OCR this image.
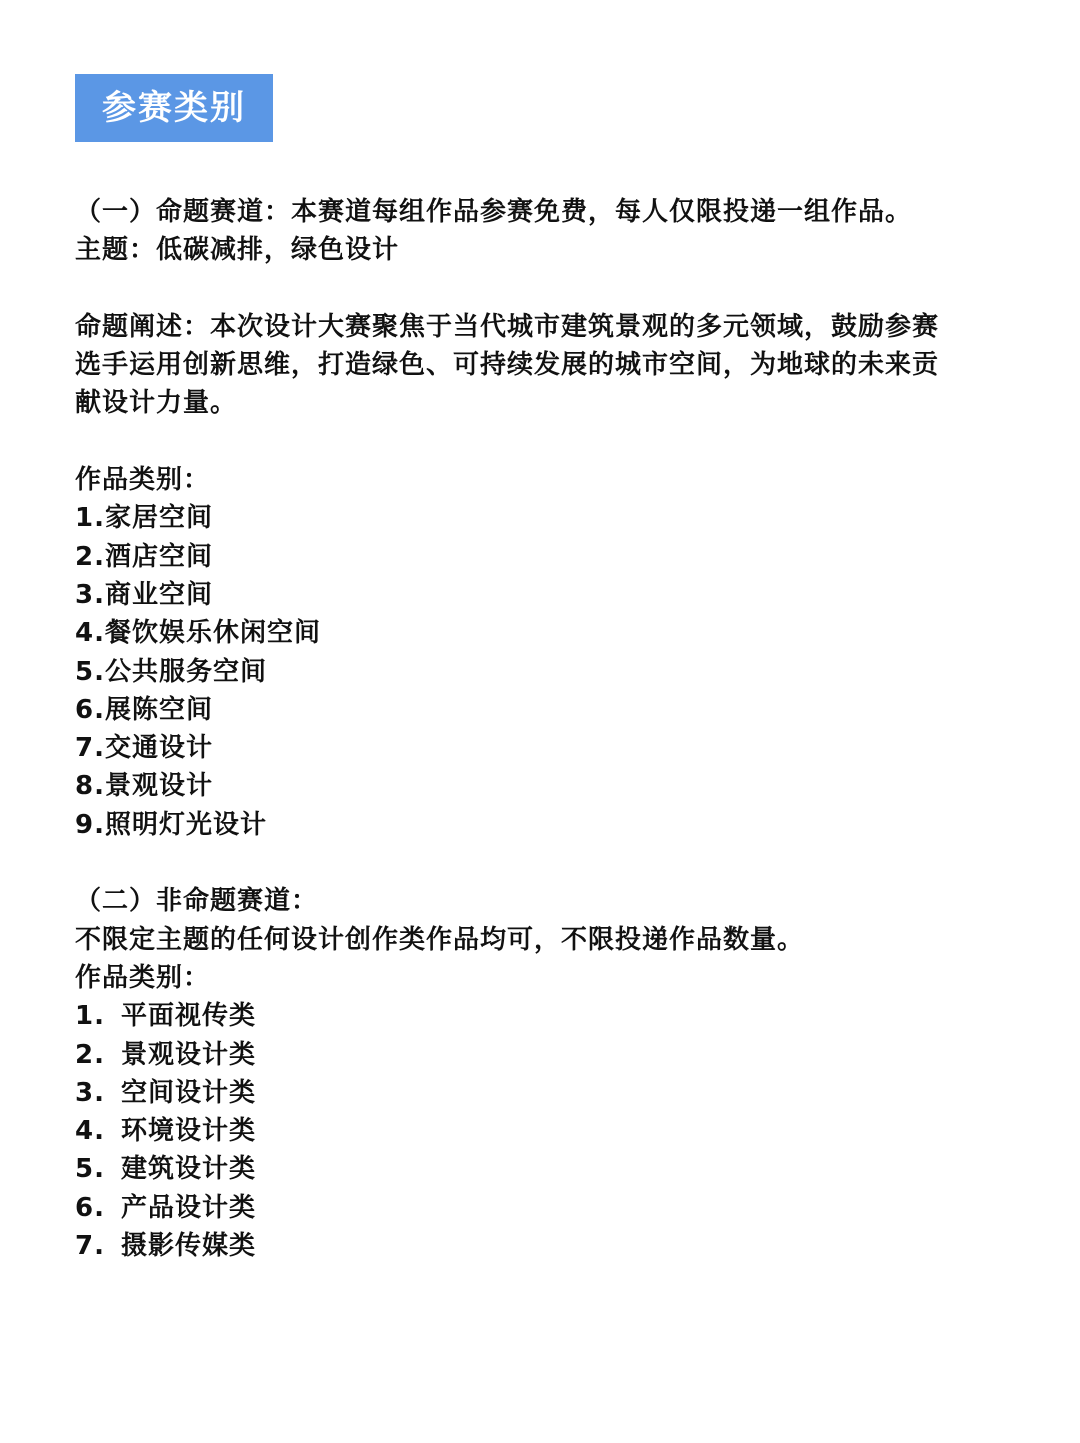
参赛类别
（一）命题赛道：本赛道每组作品参赛免费，每人仅限投递一组作品。
主题：低碳减排，绿色设计
命题阐述：本次设计大赛聚焦于当代城市建筑景观的多元领域，鼓励参赛
选手运用创新思维，打造绿色、可持续发展的城市空间，为地球的未来贡
献设计力量。
作品类别：
1.家居空间
2.酒店空间
3.商业空间
4.餐饮娱乐休闲空间
5.公共服务空间
6.展陈空间
7.交通设计
8.景观设计
9.照明灯光设计
（二）非命题赛道：
不限定主题的任何设计创作类作品均可，不限投递作品数量。
作品类别：
1. 平面视传类
2. 景观设计类
3. 空间设计类
4. 环境设计类
5. 建筑设计类
6. 产品设计类
7. 摄影传媒类
